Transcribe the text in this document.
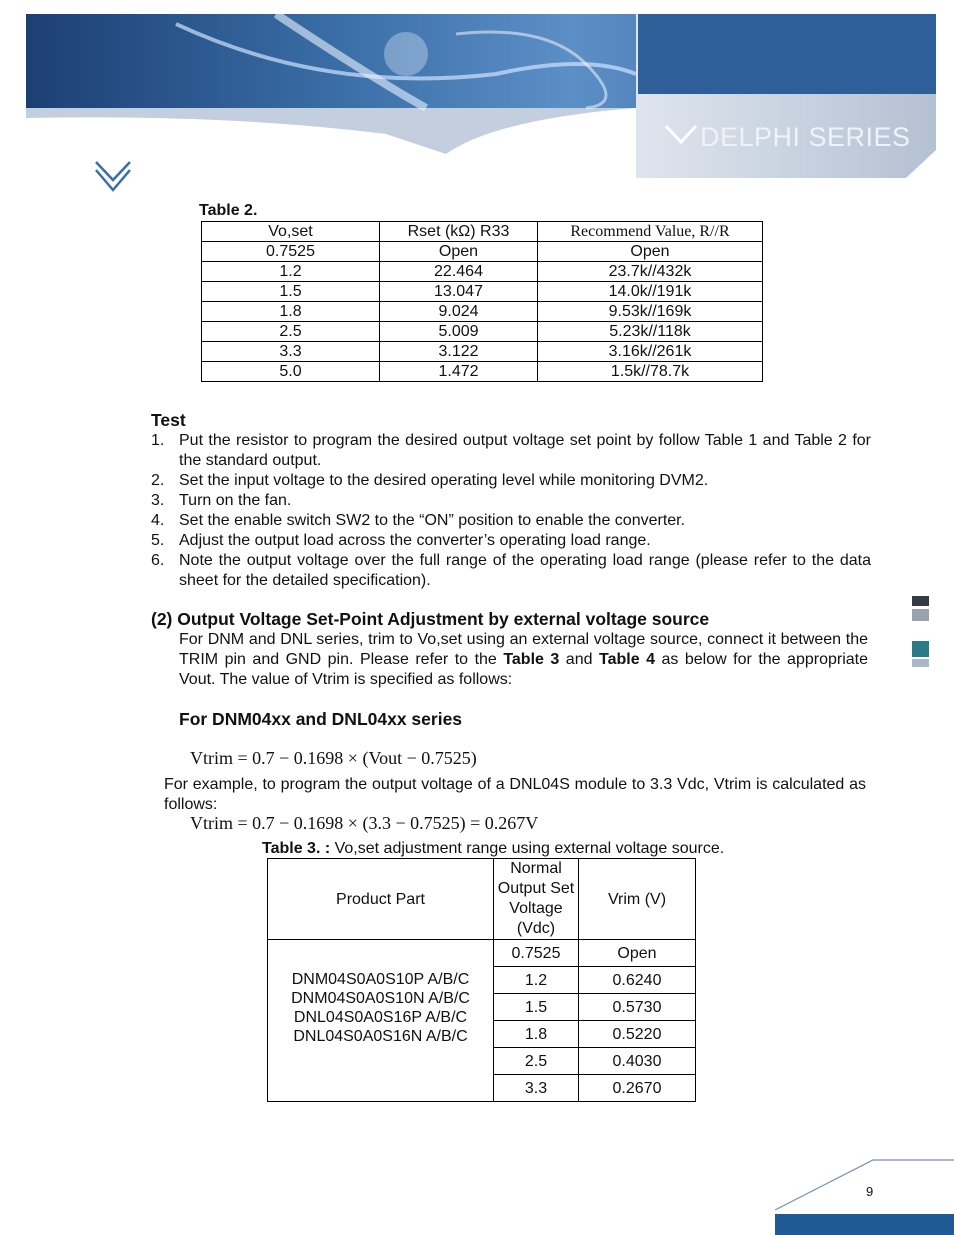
DELPHI SERIES
Table 2.
Vo,set	Rset (kΩ) R33	Recommend Value, R//R
0.7525	Open	Open
1.2	22.464	23.7k//432k
1.5	13.047	14.0k//191k
1.8	9.024	9.53k//169k
2.5	5.009	5.23k//118k
3.3	3.122	3.16k//261k
5.0	1.472	1.5k//78.7k
Test
1. Put the resistor to program the desired output voltage set point by follow Table 1 and Table 2 for the standard output.
2. Set the input voltage to the desired operating level while monitoring DVM2.
3. Turn on the fan.
4. Set the enable switch SW2 to the “ON” position to enable the converter.
5. Adjust the output load across the converter’s operating load range.
6. Note the output voltage over the full range of the operating load range (please refer to the data sheet for the detailed specification).
(2) Output Voltage Set-Point Adjustment by external voltage source
For DNM and DNL series, trim to Vo,set using an external voltage source, connect it between the TRIM pin and GND pin. Please refer to the Table 3 and Table 4 as below for the appropriate Vout. The value of Vtrim is specified as follows:
For DNM04xx and DNL04xx series
Vtrim = 0.7 − 0.1698 × (Vout − 0.7525)
For example, to program the output voltage of a DNL04S module to 3.3 Vdc, Vtrim is calculated as follows:
Vtrim = 0.7 − 0.1698 × (3.3 − 0.7525) = 0.267V
Table 3. : Vo,set adjustment range using external voltage source.
Product Part	Normal Output Set Voltage (Vdc)	Vrim (V)

DNM04S0A0S10P A/B/C
DNM04S0A0S10N A/B/C
DNL04S0A0S16P A/B/C
DNL04S0A0S16N A/B/C	0.7525	Open
	1.2	0.6240
	1.5	0.5730
	1.8	0.5220
	2.5	0.4030
	3.3	0.2670
9
